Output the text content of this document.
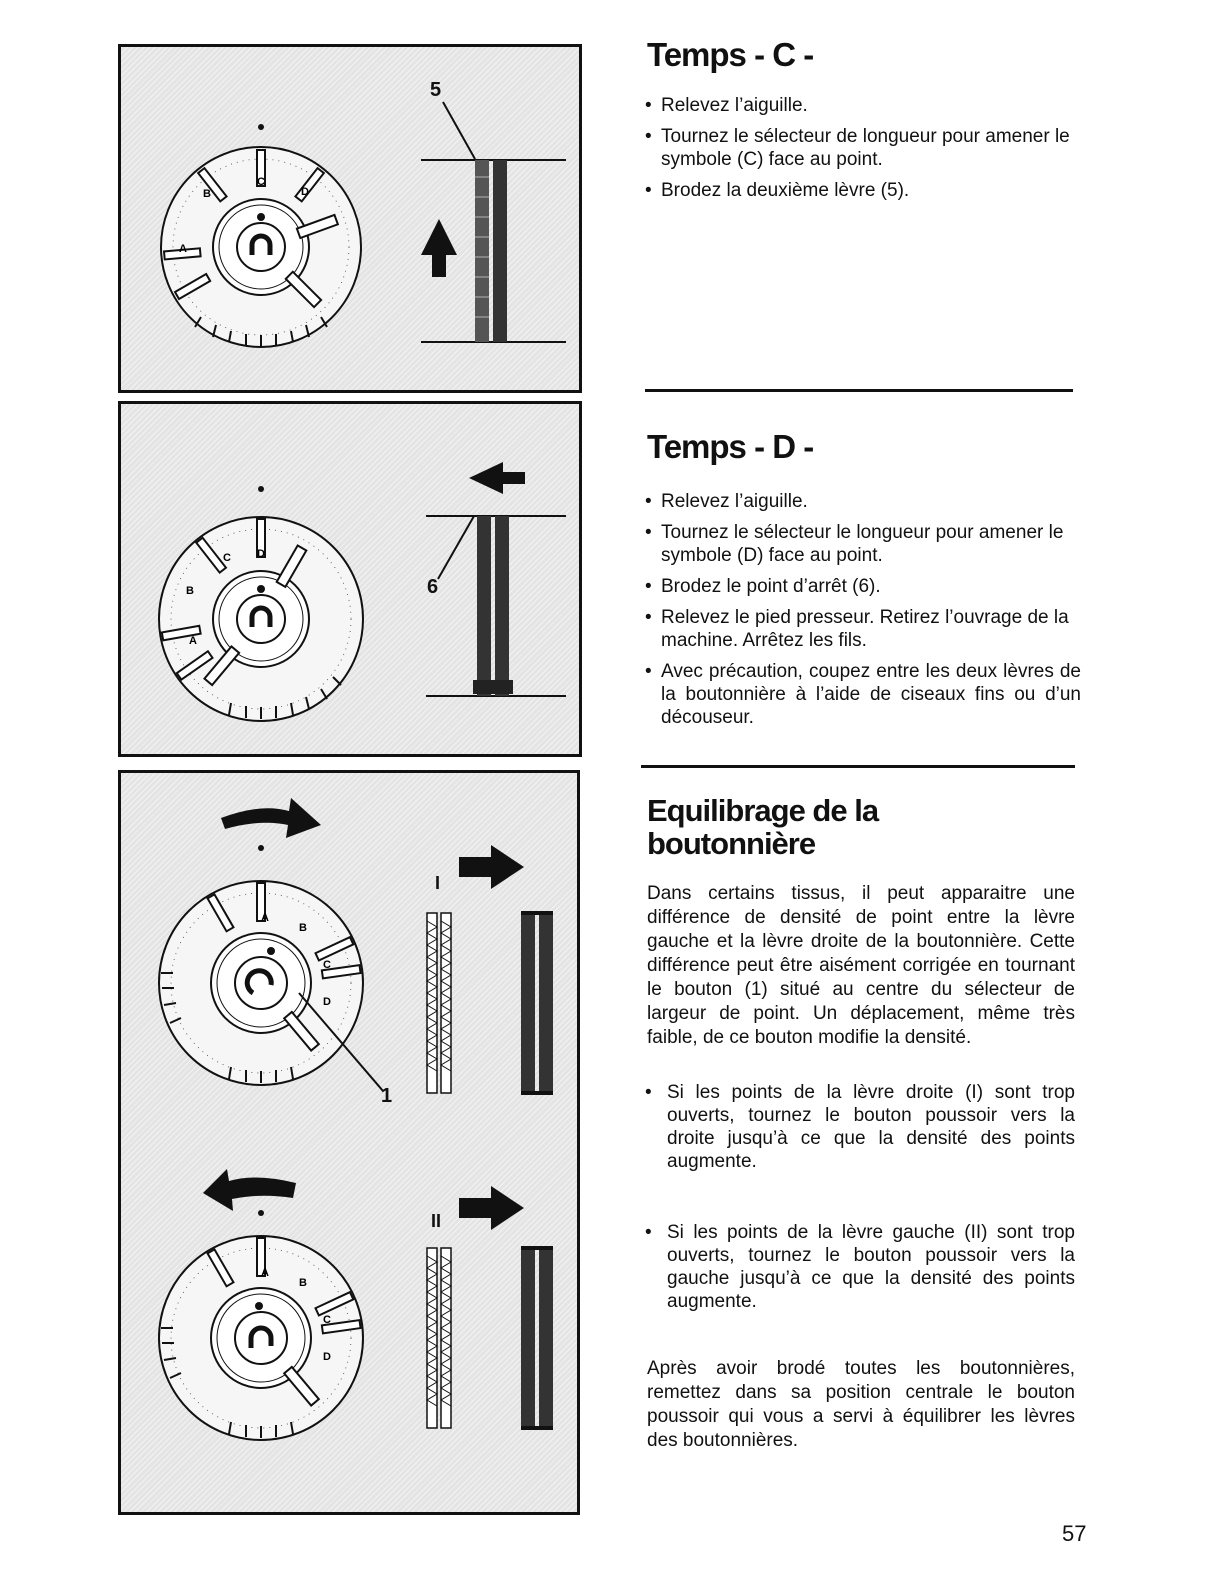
A
B
C
D
5
A
B
C D
6
A
B
C
D
A
B
C
D
I
II
1
Temps - C -
• Relevez l’aiguille.
• Tournez le sélecteur de longueur pour amener le symbole (C) face au point.
• Brodez la deuxième lèvre (5).
Temps - D -
• Relevez l’aiguille.
• Tournez le sélecteur le longueur pour amener le symbole (D) face au point.
• Brodez le point d’arrêt (6).
• Relevez le pied presseur. Retirez l’ouvrage de la machine. Arrêtez les fils.
• Avec précaution, coupez entre les deux lèvres de la boutonnière à l’aide de ciseaux fins ou d’un découseur.
Equilibrage de la
boutonnière

Dans certains tissus, il peut apparaitre une différence de densité de point entre la lèvre gauche et la lèvre droite de la boutonnière. Cette différence peut être aisément corrigée en tournant le bouton (1) situé au centre du sélecteur de largeur de point. Un déplacement, même très faible, de ce bouton modifie la densité.

• Si les points de la lèvre droite (I) sont trop ouverts, tournez le bouton poussoir vers la droite jusqu’à ce que la densité des points augmente.
• Si les points de la lèvre gauche (II) sont trop ouverts, tournez le bouton poussoir vers la gauche jusqu’à ce que la densité des points augmente.

Après avoir brodé toutes les boutonnières, remettez dans sa position centrale le bouton poussoir qui vous a servi à équilibrer les lèvres des boutonnières.

57
